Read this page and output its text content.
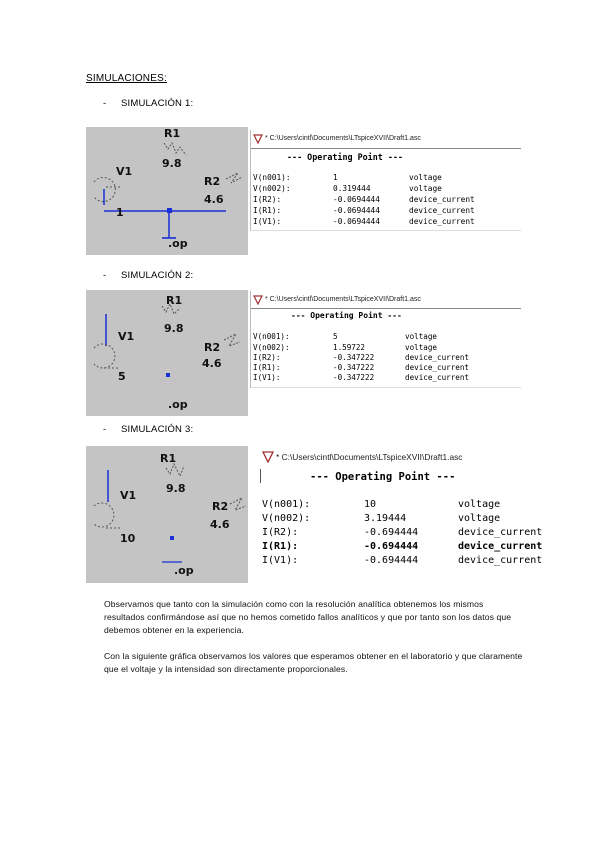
SIMULACIONES:
- SIMULACIÓN 1:
R1
9.8
V1
R2
4.6
1
.op
* C:\Users\cintl\Documents\LTspiceXVII\Draft1.asc
--- Operating Point ---
V(n001):	1	voltage
V(n002):	0.319444	voltage
I(R2):	-0.0694444	device_current
I(R1):	-0.0694444	device_current
I(V1):	-0.0694444	device_current
- SIMULACIÓN 2:
R1
9.8
V1
R2
4.6
5
.op
* C:\Users\cintl\Documents\LTspiceXVII\Draft1.asc
--- Operating Point ---
V(n001):	5	voltage
V(n002):	1.59722	voltage
I(R2):	-0.347222	device_current
I(R1):	-0.347222	device_current
I(V1):	-0.347222	device_current
- SIMULACIÓN 3:
R1
9.8
V1
R2
4.6
10
.op
* C:\Users\cintl\Documents\LTspiceXVII\Draft1.asc
--- Operating Point ---
V(n001):	10	voltage
V(n002):	3.19444	voltage
I(R2):	-0.694444	device_current
I(R1):	-0.694444	device_current
I(V1):	-0.694444	device_current
Observamos que tanto con la simulación como con la resolución analítica obtenemos los mismos resultados confirmándose así que no hemos cometido fallos analíticos y que por tanto son los datos que debemos obtener en la experiencia.
Con la siguiente gráfica observamos los valores que esperamos obtener en el laboratorio y que claramente que el voltaje y la intensidad son directamente proporcionales.
